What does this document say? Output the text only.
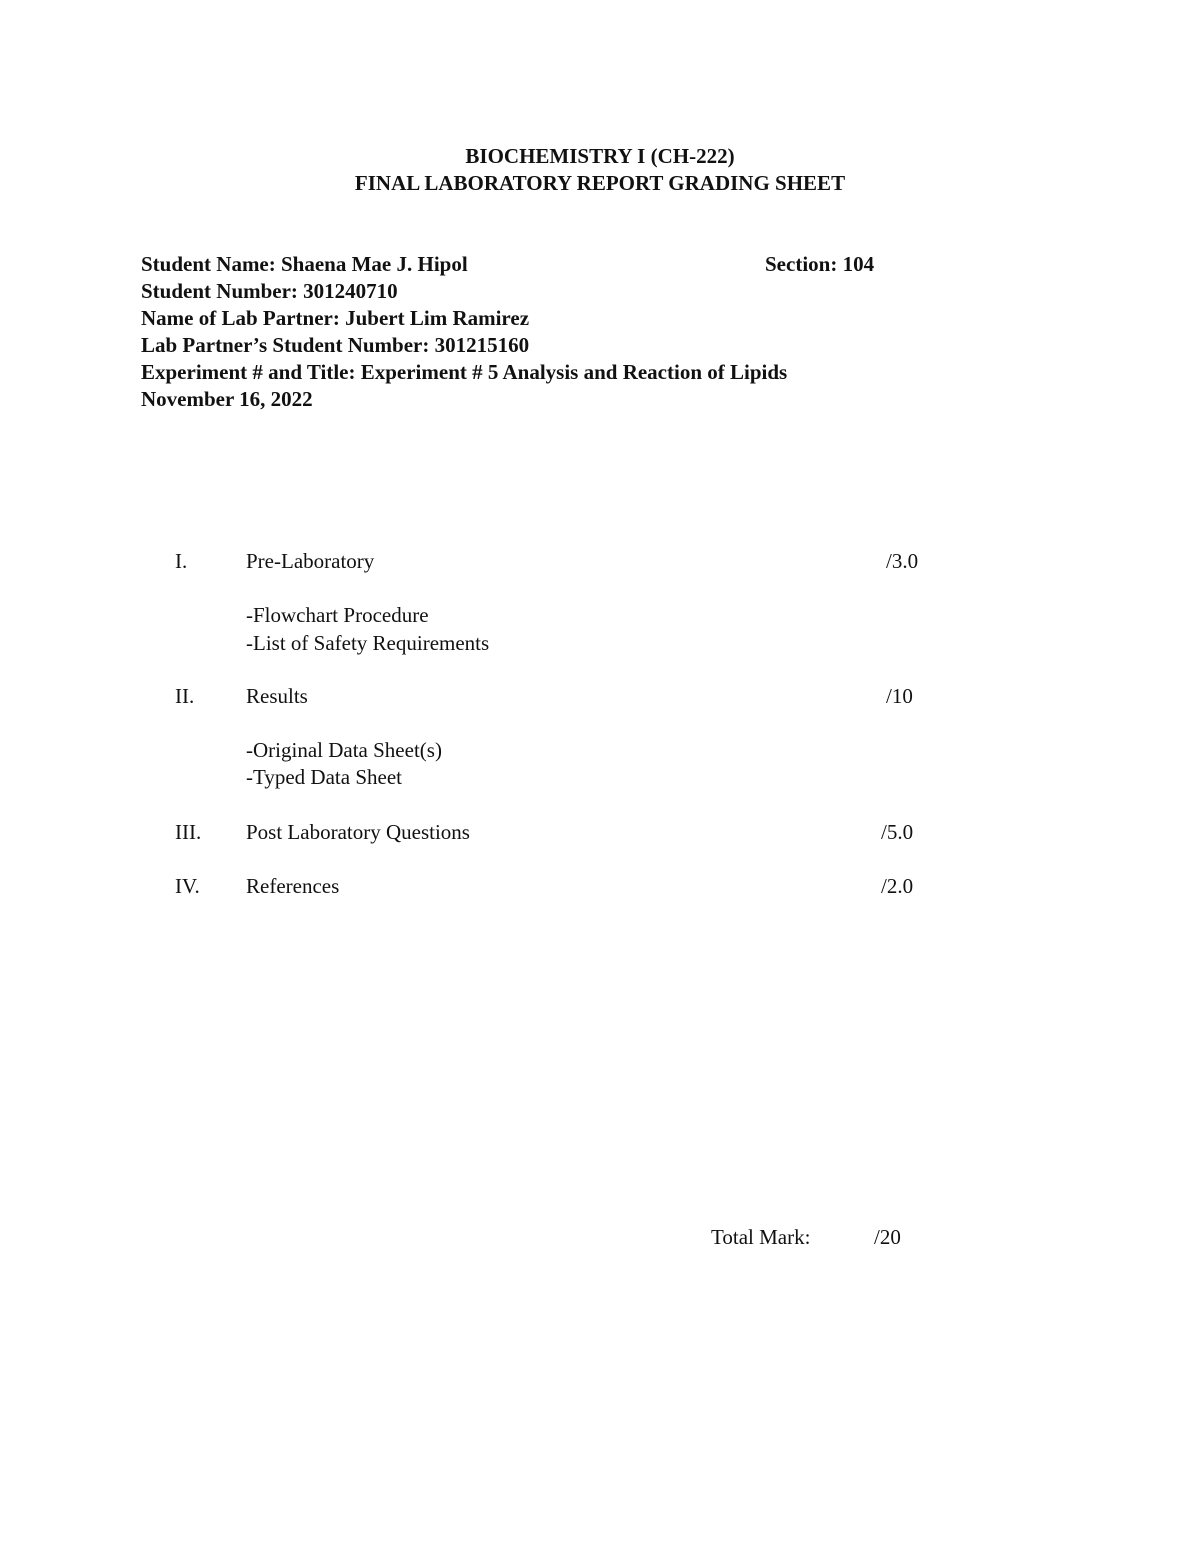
BIOCHEMISTRY I (CH-222)
FINAL LABORATORY REPORT GRADING SHEET
Student Name: Shaena Mae J. Hipol	Section: 104
Student Number: 301240710
Name of Lab Partner: Jubert Lim Ramirez
Lab Partner’s Student Number: 301215160
Experiment # and Title: Experiment # 5 Analysis and Reaction of Lipids
November 16, 2022
I.	Pre-Laboratory	/3.0
-Flowchart Procedure
-List of Safety Requirements
II. Results	/10
-Original Data Sheet(s)
-Typed Data Sheet
III. Post Laboratory Questions	/5.0
IV. References	/2.0
Total Mark:	/20
